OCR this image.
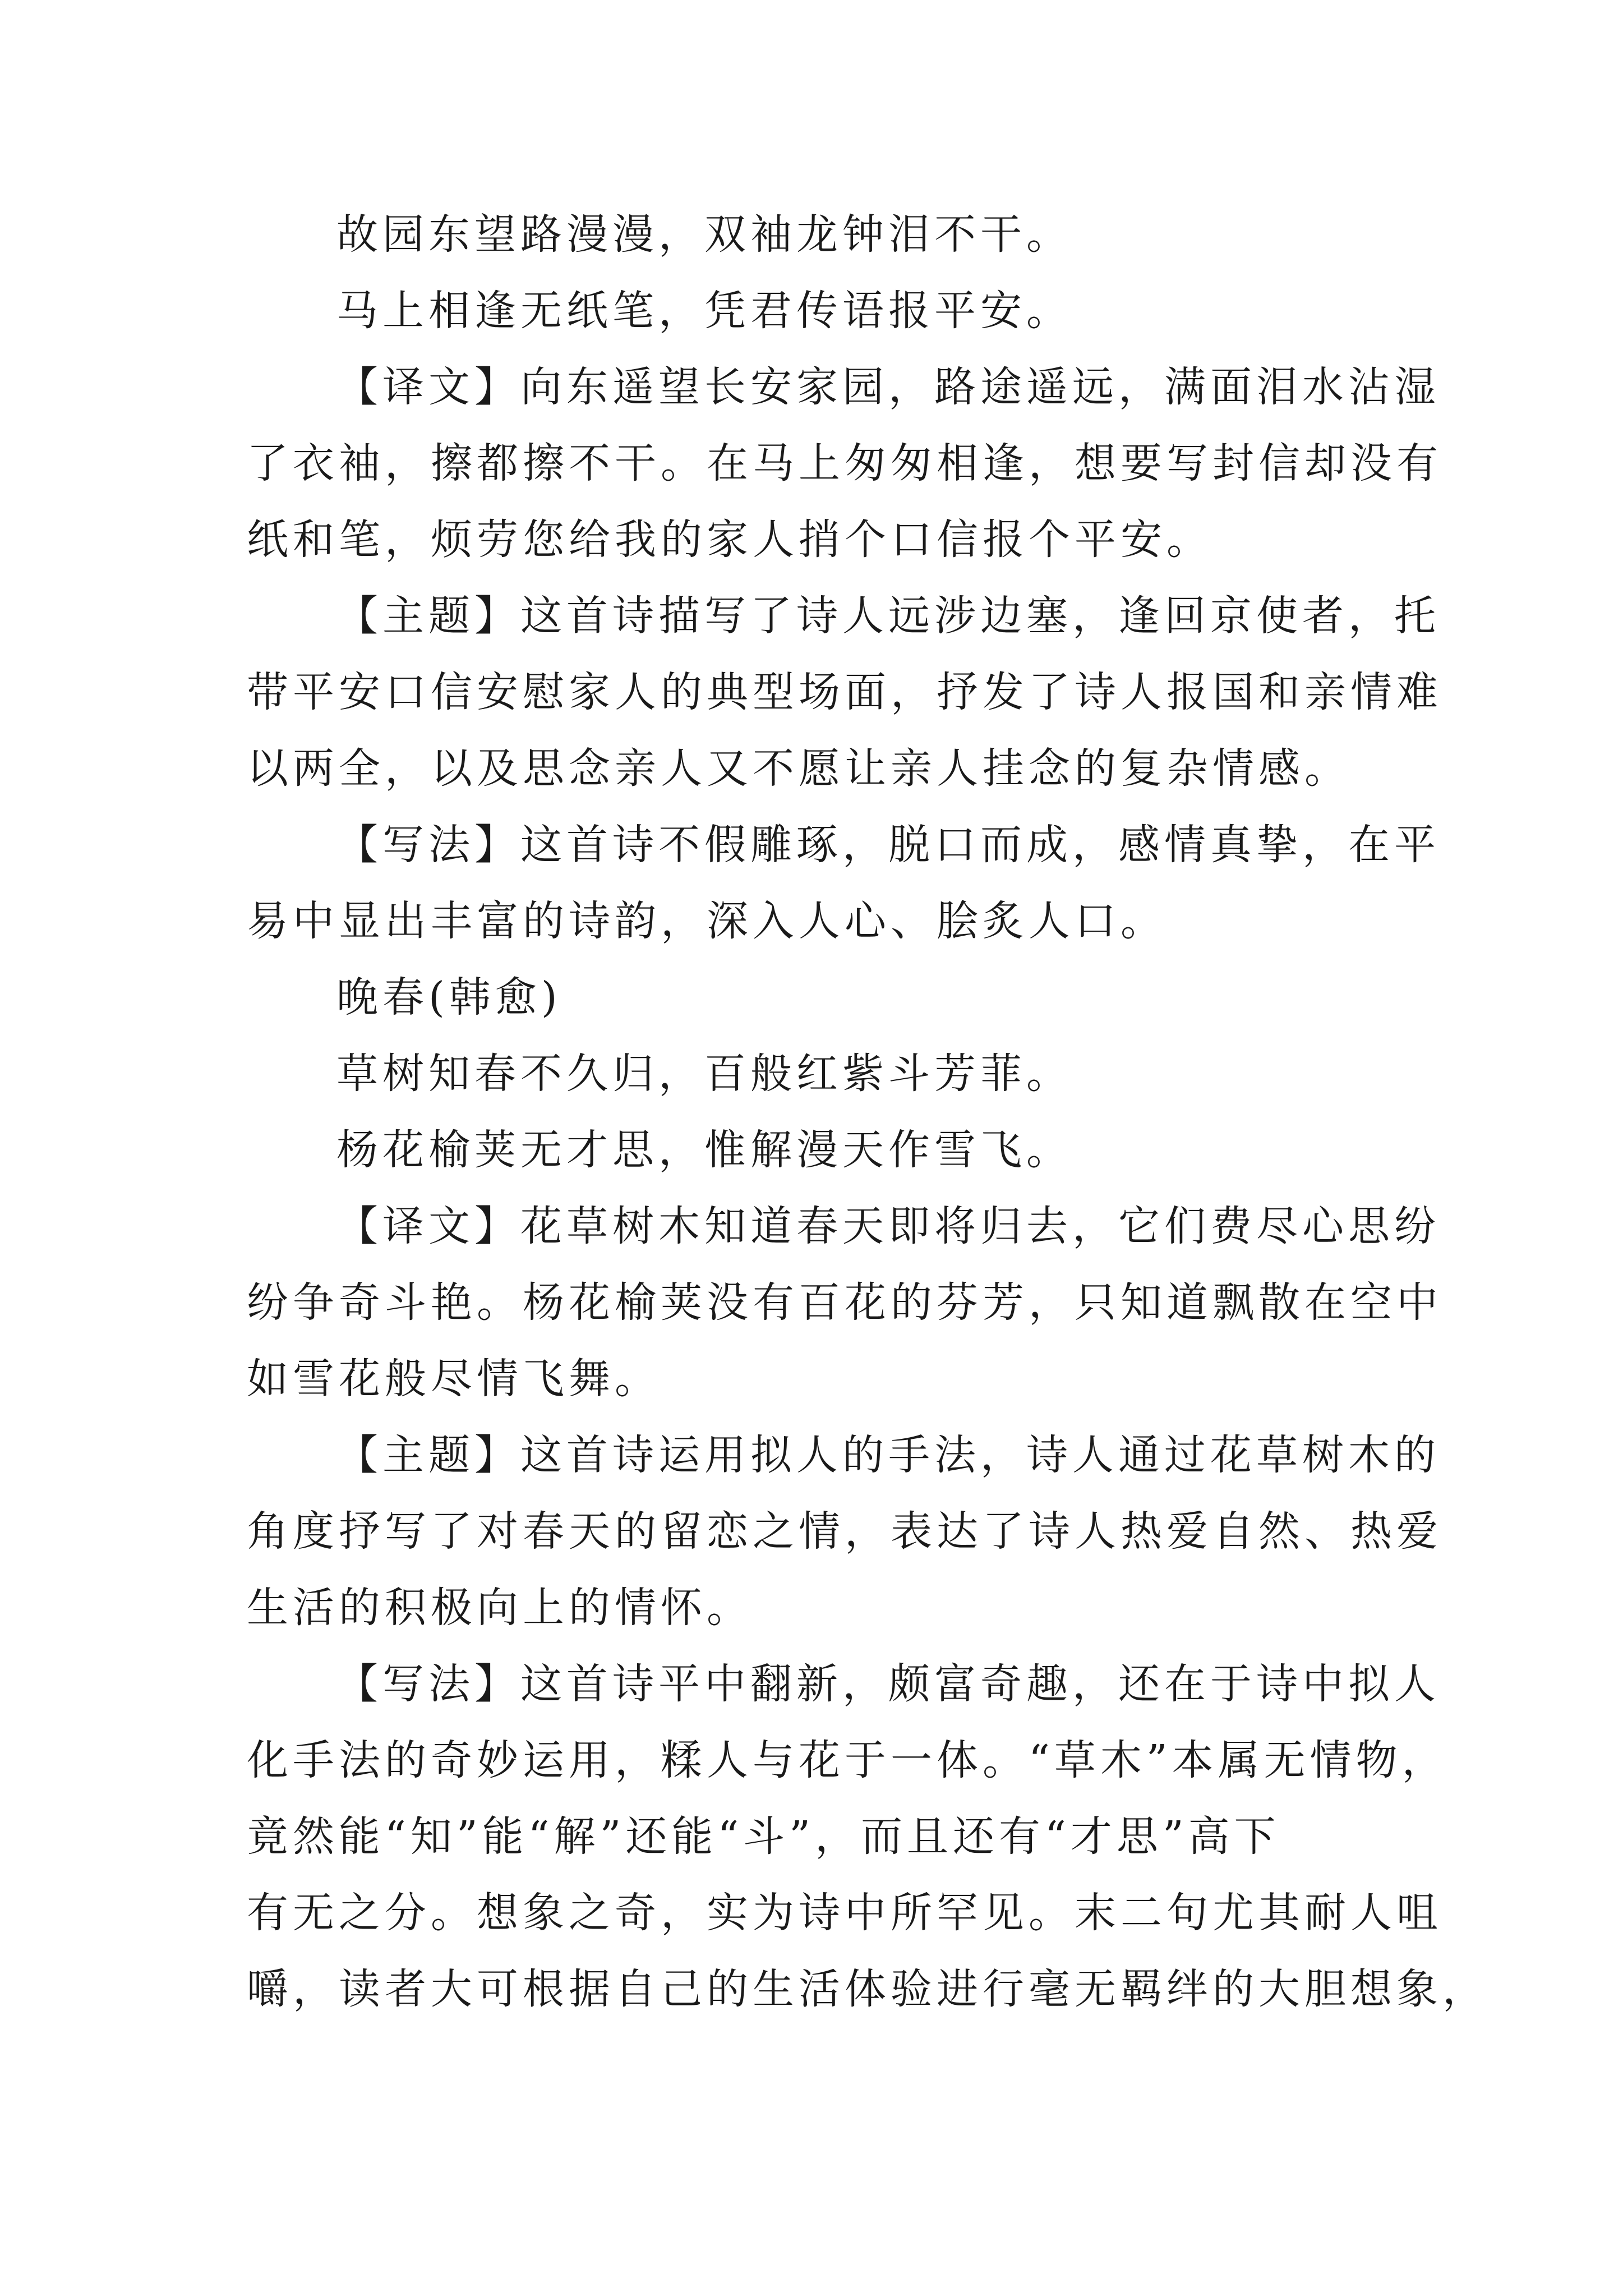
故园东望路漫漫，双袖龙钟泪不干。
马上相逢无纸笔，凭君传语报平安。
【译文】向东遥望长安家园，路途遥远，满面泪水沾湿
了衣袖，擦都擦不干。在马上匆匆相逢，想要写封信却没有
纸和笔，烦劳您给我的家人捎个口信报个平安。
【主题】这首诗描写了诗人远涉边塞，逢回京使者，托
带平安口信安慰家人的典型场面，抒发了诗人报国和亲情难
以两全，以及思念亲人又不愿让亲人挂念的复杂情感。
【写法】这首诗不假雕琢，脱口而成，感情真挚，在平
易中显出丰富的诗韵，深入人心、脍炙人口。
晚春(韩愈)
草树知春不久归，百般红紫斗芳菲。
杨花榆荚无才思，惟解漫天作雪飞。
【译文】花草树木知道春天即将归去，它们费尽心思纷
纷争奇斗艳。杨花榆荚没有百花的芬芳，只知道飘散在空中
如雪花般尽情飞舞。
【主题】这首诗运用拟人的手法，诗人通过花草树木的
角度抒写了对春天的留恋之情，表达了诗人热爱自然、热爱
生活的积极向上的情怀。
【写法】这首诗平中翻新，颇富奇趣，还在于诗中拟人
化手法的奇妙运用，糅人与花于一体。“草木”本属无情物，
竟然能“知”能“解”还能“斗”，而且还有“才思”高下
有无之分。想象之奇，实为诗中所罕见。末二句尤其耐人咀
嚼，读者大可根据自己的生活体验进行毫无羁绊的大胆想象，
